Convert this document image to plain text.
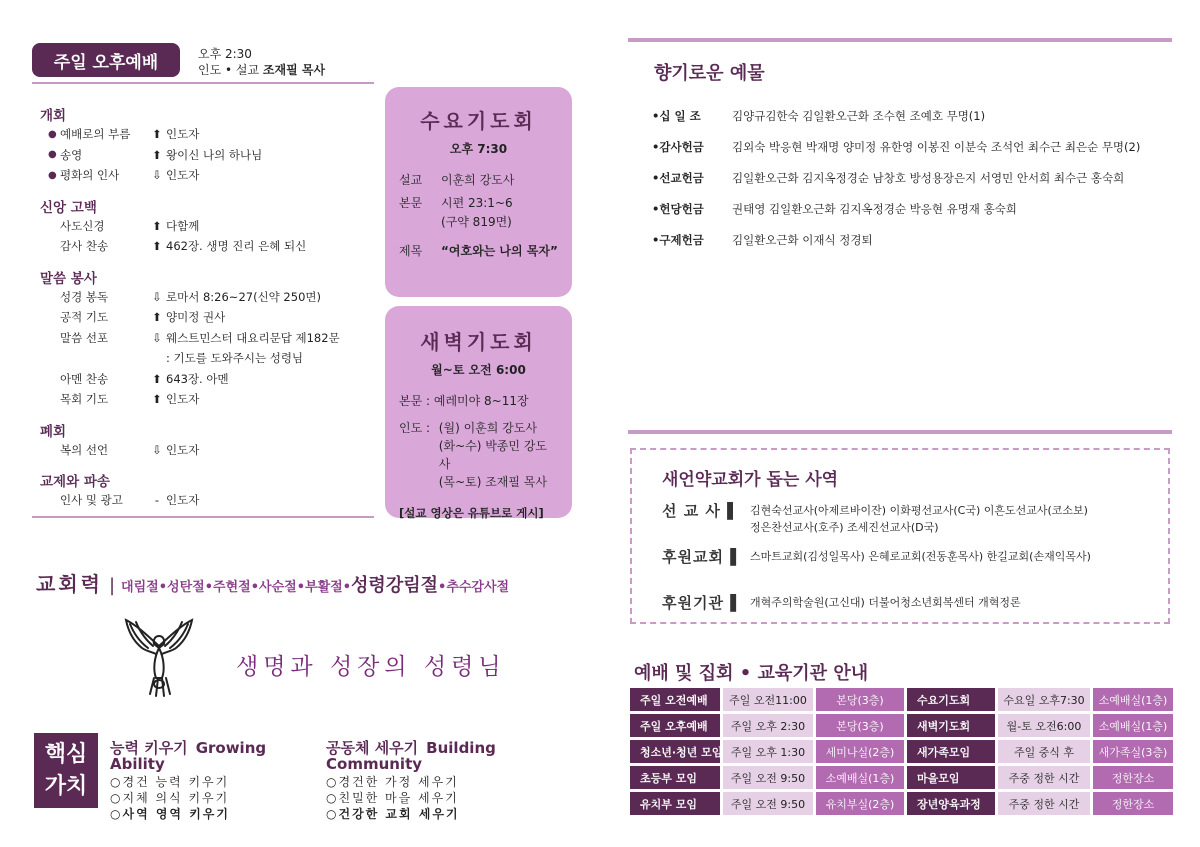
주일 오후예배	오후 2:30
인도 • 설교 조재필 목사
개회
● 예배로의 부름	⬆ 인도자
● 송영	⬆ 왕이신 나의 하나님
● 평화의 인사	⇩ 인도자
신앙 고백
사도신경	⬆ 다함께
감사 찬송	⬆ 462장. 생명 진리 은혜 되신
말씀 봉사
성경 봉독	⇩ 로마서 8:26~27(신약 250면)
공적 기도	⬆ 양미정 권사
말씀 선포	⇩ 웨스트민스터 대요리문답 제182문
: 기도를 도와주시는 성령님
아멘 찬송	⬆ 643장. 아멘
목회 기도	⬆ 인도자
폐회
복의 선언	⇩ 인도자
교제와 파송
인사 및 광고	- 인도자
수요기도회
오후 7:30
설교	이훈희 강도사
본문	시편 23:1~6
(구약 819면)
제목	“여호와는 나의 목자”
새벽기도회
월~토 오전 6:00
본문 : 예레미야 8~11장
인도 : (월) 이훈희 강도사
(화~수) 박종민 강도사
(목~토) 조재필 목사
[설교 영상은 유튜브로 게시]
교회력 | 대림절 • 성탄절 • 주현절 • 사순절 • 부활절 • 성령강림절 • 추수감사절
생명과 성장의 성령님
핵심
가치
능력 키우기 Growing Ability
○경건 능력 키우기
○지체 의식 키우기
○사역 영역 키우기
공동체 세우기 Building Community
○경건한 가정 세우기
○친밀한 마을 세우기
○건강한 교회 세우기
향기로운 예물
•십 일 조	김양규김한숙 김일환오근화 조수현 조예호 무명(1)
•감사헌금	김외숙 박응현 박재명 양미정 유한영 이봉진 이분숙 조석언 최수근 최은순 무명(2)
•선교헌금	김일환오근화 김지옥정경순 남창호 방성용장은지 서영민 안서희 최수근 홍숙희
•헌당헌금	권태영 김일환오근화 김지옥정경순 박응현 유명재 홍숙희
•구제헌금	김일환오근화 이재식 정경퇴
새언약교회가 돕는 사역
선 교 사 ▌ 김현숙선교사(아제르바이잔) 이화평선교사(C국) 이흔도선교사(코소보)
정은찬선교사(호주) 조세진선교사(D국)
후원교회 ▌ 스마트교회(김성일목사) 은혜로교회(전동훈목사) 한길교회(손재익목사)
후원기관 ▌ 개혁주의학술원(고신대) 더불어청소년회복센터 개혁정론
예배 및 집회 • 교육기관 안내
주일 오전예배	주일 오전11:00	본당(3층)	수요기도회	수요일 오후7:30	소예배실(1층)
주일 오후예배	주일 오후 2:30	본당(3층)	새벽기도회	월-토 오전6:00	소예배실(1층)
청소년·청년 모임 주일 오후 1:30	세미나실(2층)	새가족모임	주일 중식 후	새가족실(3층)
초등부 모임	주일 오전 9:50	소예배실(1층)	마을모임	주중 정한 시간	정한장소
유치부 모임	주일 오전 9:50	유치부실(2층)	장년양육과정	주중 정한 시간	정한장소
